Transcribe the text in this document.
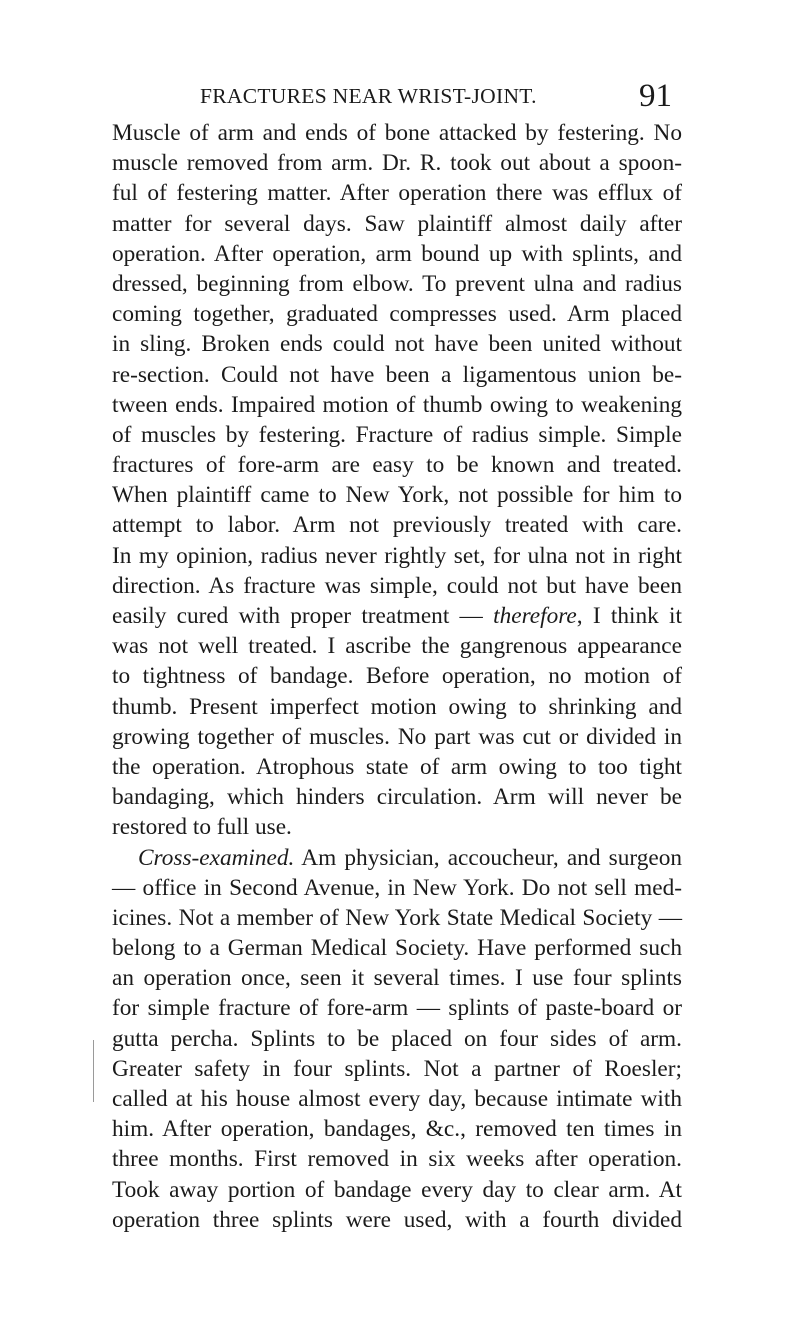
FRACTURES NEAR WRIST-JOINT.	91
Muscle of arm and ends of bone attacked by festering. No
muscle removed from arm. Dr. R. took out about a spoon-
ful of festering matter. After operation there was efflux of
matter for several days. Saw plaintiff almost daily after
operation. After operation, arm bound up with splints, and
dressed, beginning from elbow. To prevent ulna and radius
coming together, graduated compresses used. Arm placed
in sling. Broken ends could not have been united without
re-section. Could not have been a ligamentous union be-
tween ends. Impaired motion of thumb owing to weakening
of muscles by festering. Fracture of radius simple. Simple
fractures of fore-arm are easy to be known and treated.
When plaintiff came to New York, not possible for him to
attempt to labor. Arm not previously treated with care.
In my opinion, radius never rightly set, for ulna not in right
direction. As fracture was simple, could not but have been
easily cured with proper treatment — therefore, I think it
was not well treated. I ascribe the gangrenous appearance
to tightness of bandage. Before operation, no motion of
thumb. Present imperfect motion owing to shrinking and
growing together of muscles. No part was cut or divided in
the operation. Atrophous state of arm owing to too tight
bandaging, which hinders circulation. Arm will never be
restored to full use.
Cross-examined. Am physician, accoucheur, and surgeon
— office in Second Avenue, in New York. Do not sell med-
icines. Not a member of New York State Medical Society —
belong to a German Medical Society. Have performed such
an operation once, seen it several times. I use four splints
for simple fracture of fore-arm — splints of paste-board or
gutta percha. Splints to be placed on four sides of arm.
Greater safety in four splints. Not a partner of Roesler;
called at his house almost every day, because intimate with
him. After operation, bandages, &c., removed ten times in
three months. First removed in six weeks after operation.
Took away portion of bandage every day to clear arm. At
operation three splints were used, with a fourth divided
